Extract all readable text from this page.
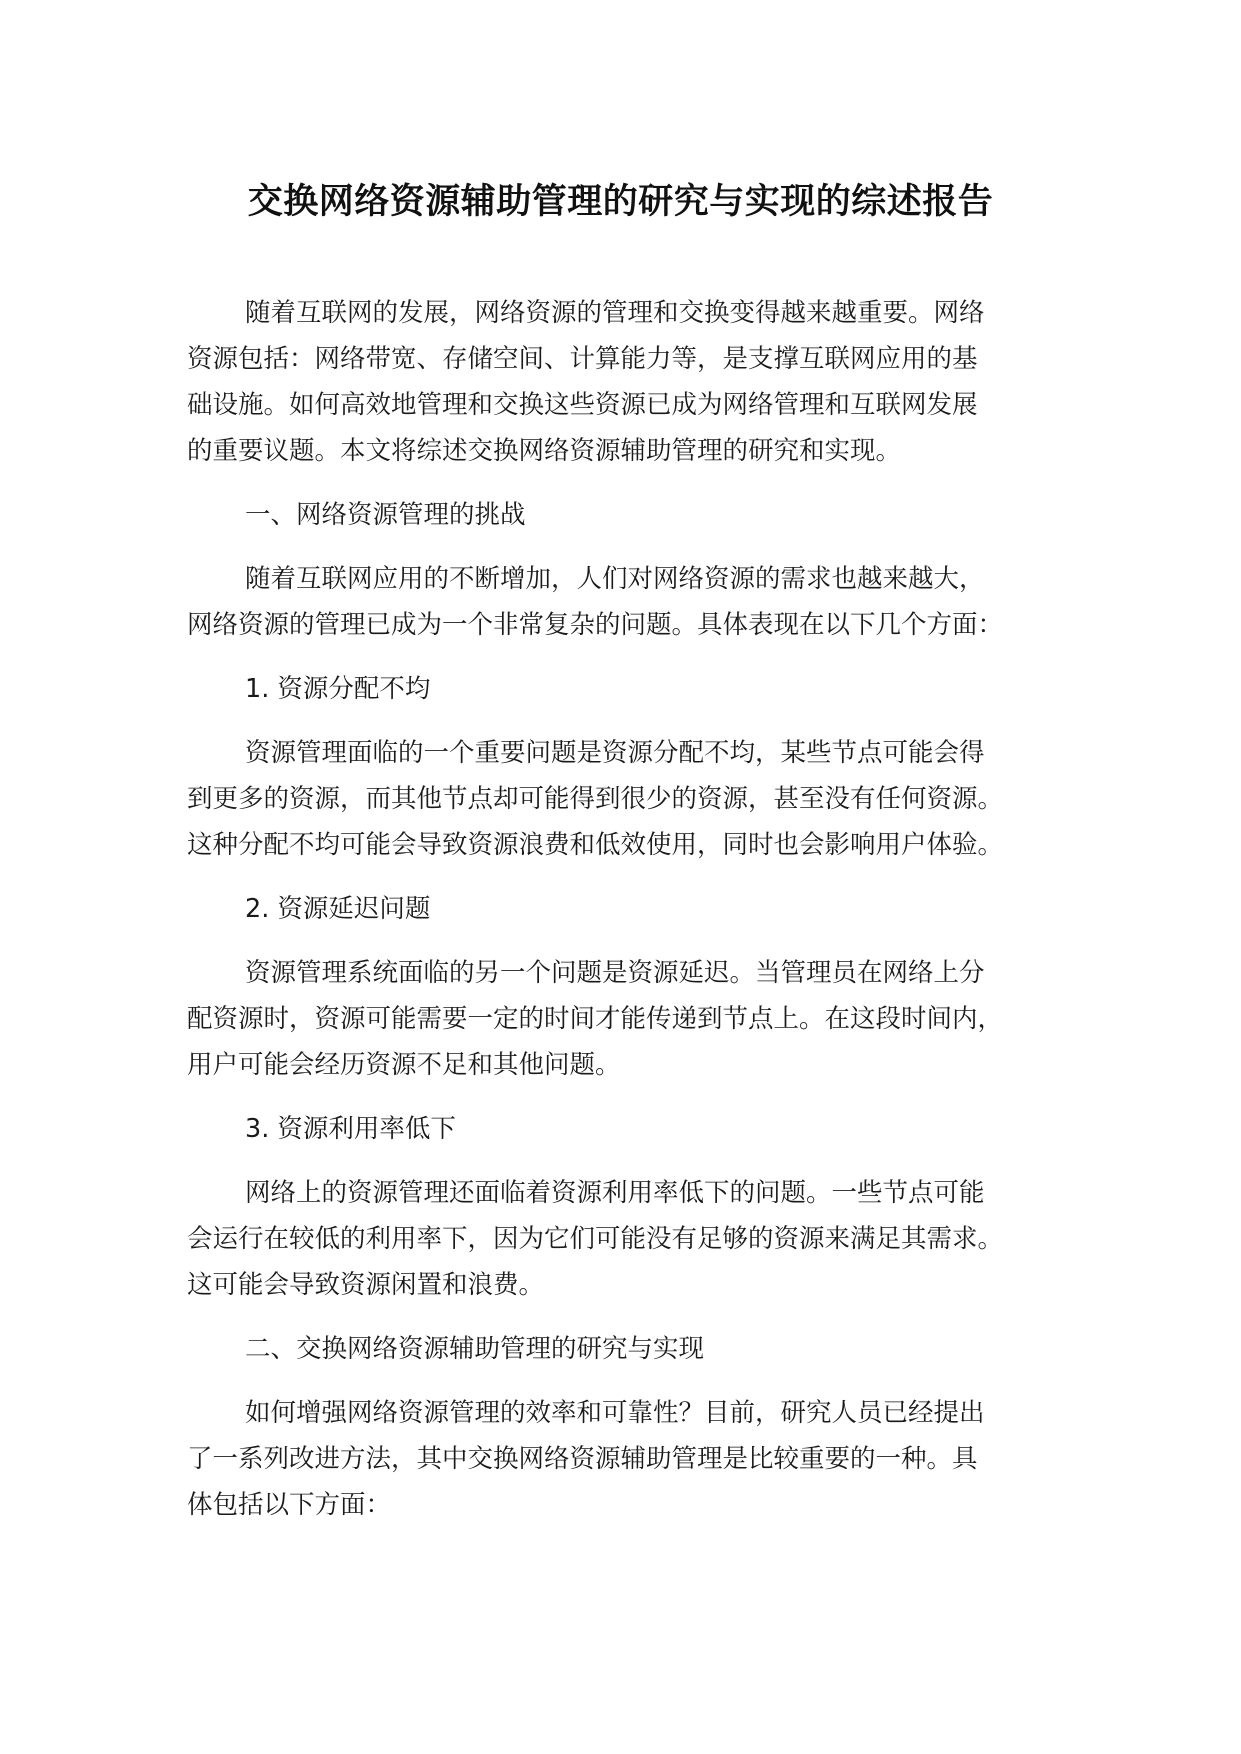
交换网络资源辅助管理的研究与实现的综述报告

随着互联网的发展，网络资源的管理和交换变得越来越重要。网络

资源包括：网络带宽、存储空间、计算能力等，是支撑互联网应用的基

础设施。如何高效地管理和交换这些资源已成为网络管理和互联网发展

的重要议题。本文将综述交换网络资源辅助管理的研究和实现。

一、网络资源管理的挑战

随着互联网应用的不断增加，人们对网络资源的需求也越来越大，

网络资源的管理已成为一个非常复杂的问题。具体表现在以下几个方面：

1. 资源分配不均

资源管理面临的一个重要问题是资源分配不均，某些节点可能会得

到更多的资源，而其他节点却可能得到很少的资源，甚至没有任何资源。

这种分配不均可能会导致资源浪费和低效使用，同时也会影响用户体验。

2. 资源延迟问题

资源管理系统面临的另一个问题是资源延迟。当管理员在网络上分

配资源时，资源可能需要一定的时间才能传递到节点上。在这段时间内，

用户可能会经历资源不足和其他问题。

3. 资源利用率低下

网络上的资源管理还面临着资源利用率低下的问题。一些节点可能

会运行在较低的利用率下，因为它们可能没有足够的资源来满足其需求。

这可能会导致资源闲置和浪费。

二、交换网络资源辅助管理的研究与实现

如何增强网络资源管理的效率和可靠性？目前，研究人员已经提出

了一系列改进方法，其中交换网络资源辅助管理是比较重要的一种。具

体包括以下方面：
